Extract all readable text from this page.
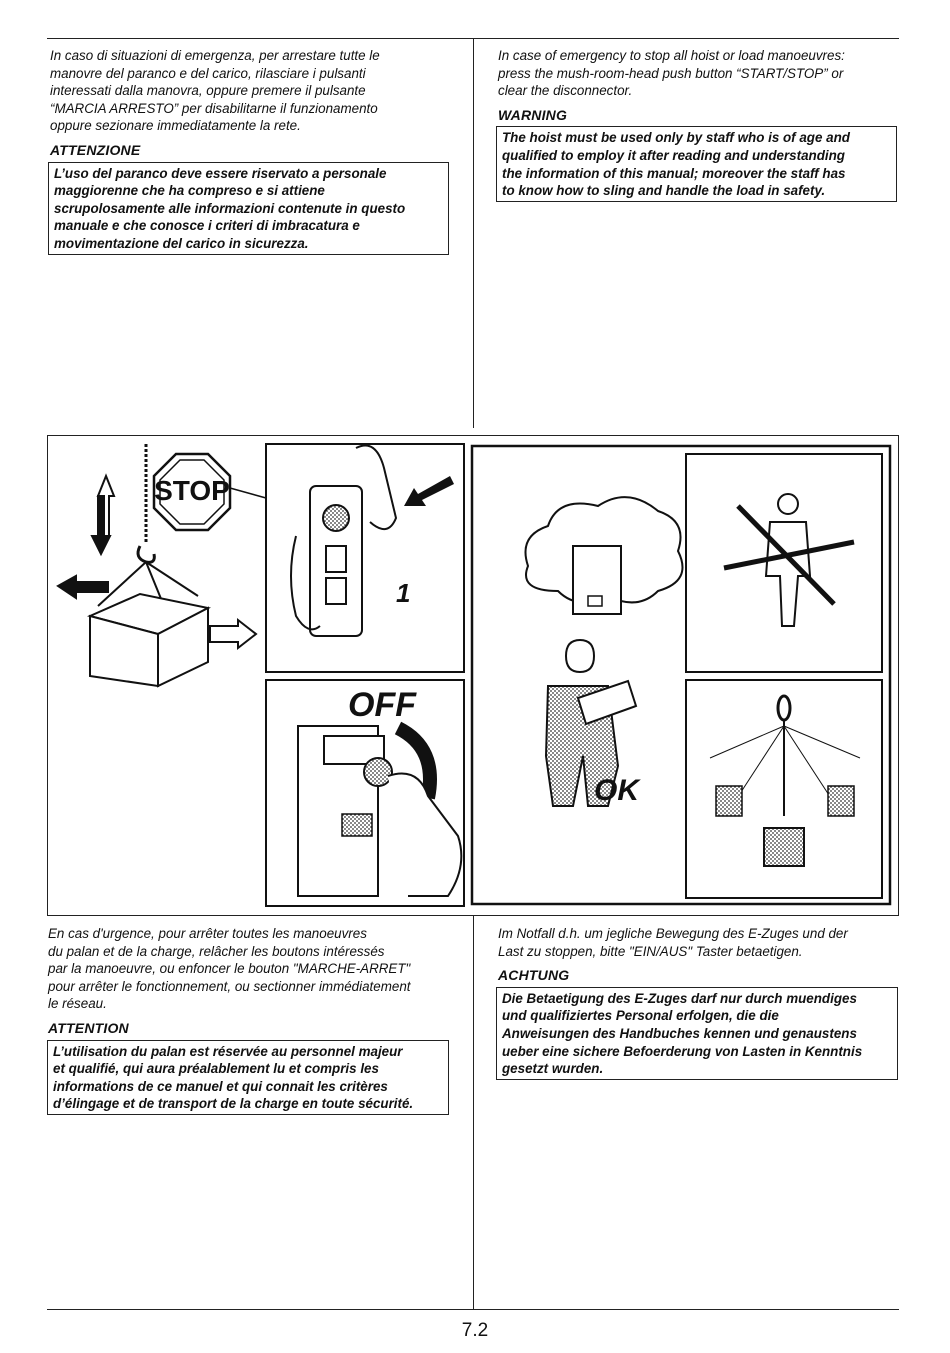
In caso di situazioni di emergenza, per arrestare tutte le
manovre del paranco e del carico, rilasciare i pulsanti
interessati dalla manovra, oppure premere il pulsante
“MARCIA ARRESTO” per disabilitarne il funzionamento
oppure sezionare immediatamente la rete.

ATTENZIONE
L’uso del paranco deve essere riservato a personale
maggiorenne che ha compreso e si attiene
scrupolosamente alle informazioni contenute in questo
manuale e che conosce i criteri di imbracatura e
movimentazione del carico in sicurezza.

In case of emergency to stop all hoist or load manoeuvres:
press the mush-room-head push button “START/STOP” or
clear the disconnector.

WARNING
The hoist must be used only by staff who is of age and
qualified to employ it after reading and understanding
the information of this manual; moreover the staff has
to know how to sling and handle the load in safety.
STOP
1
OFF
OK

En cas d'urgence, pour arrêter toutes les manoeuvres
du palan et de la charge, relâcher les boutons intéressés
par la manoeuvre, ou enfoncer le bouton "MARCHE-ARRET"
pour arrêter le fonctionnement, ou sectionner immédiatement
le réseau.

ATTENTION
L’utilisation du palan est réservée au personnel majeur
et qualifié, qui aura préalablement lu et compris les
informations de ce manuel et qui connait les critères
d’élingage et de transport de la charge en toute sécurité.

Im Notfall d.h. um jegliche Bewegung des E-Zuges und der
Last zu stoppen, bitte "EIN/AUS" Taster betaetigen.

ACHTUNG
Die Betaetigung des E-Zuges darf nur durch muendiges
und qualifiziertes Personal erfolgen, die die
Anweisungen des Handbuches kennen und genaustens
ueber eine sichere Befoerderung von Lasten in Kenntnis
gesetzt wurden.
7.2
